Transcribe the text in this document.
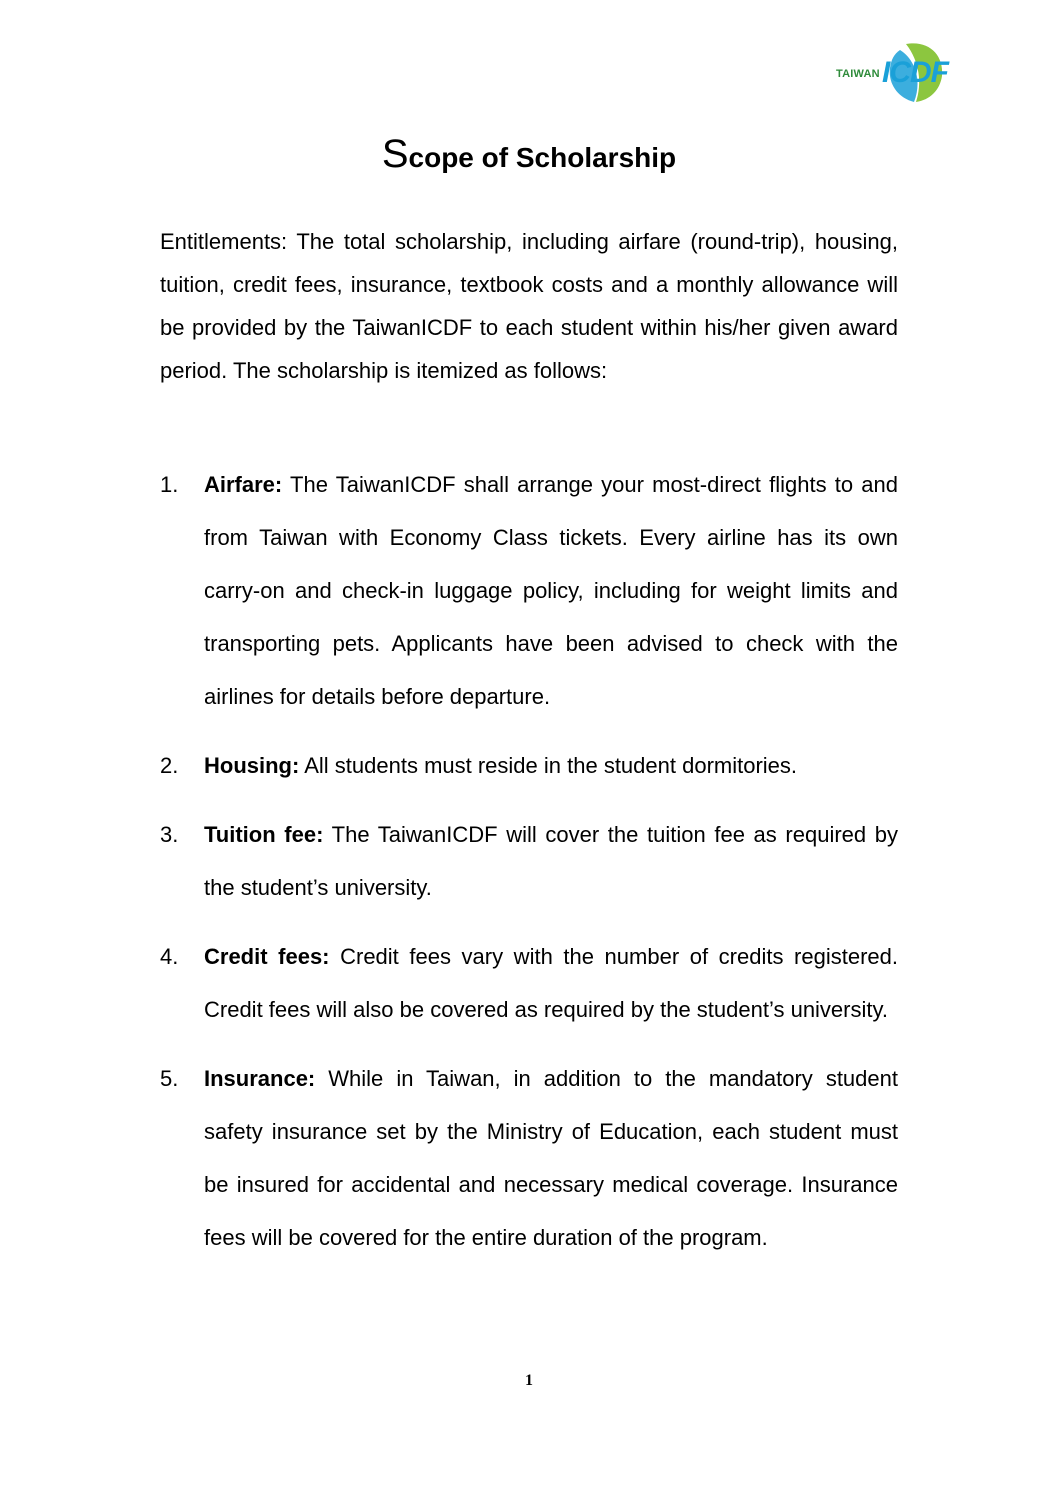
TAIWAN ICDF
Scope of Scholarship

Entitlements: The total scholarship, including airfare (round-trip), housing, tuition, credit fees, insurance, textbook costs and a monthly allowance will be provided by the TaiwanICDF to each student within his/her given award period. The scholarship is itemized as follows:

1. Airfare: The TaiwanICDF shall arrange your most-direct flights to and from Taiwan with Economy Class tickets. Every airline has its own carry-on and check-in luggage policy, including for weight limits and transporting pets. Applicants have been advised to check with the airlines for details before departure.
2. Housing: All students must reside in the student dormitories.
3. Tuition fee: The TaiwanICDF will cover the tuition fee as required by the student’s university.
4. Credit fees: Credit fees vary with the number of credits registered. Credit fees will also be covered as required by the student’s university.
5. Insurance: While in Taiwan, in addition to the mandatory student safety insurance set by the Ministry of Education, each student must be insured for accidental and necessary medical coverage. Insurance fees will be covered for the entire duration of the program.
1
